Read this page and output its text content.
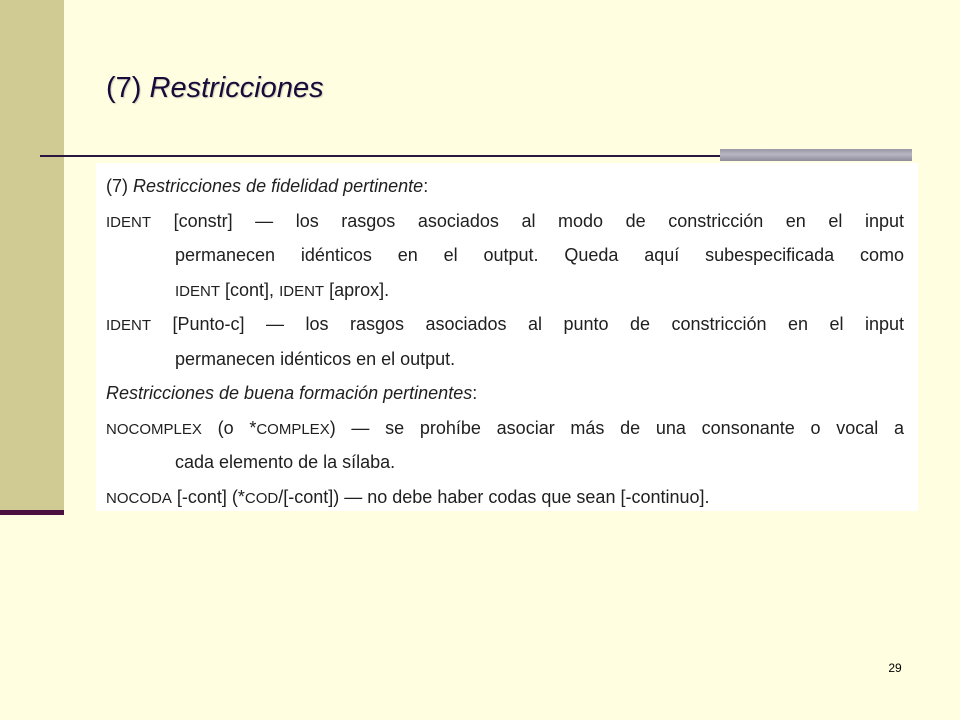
(7) Restricciones
(7) Restricciones de fidelidad pertinente:
IDENT [constr] — los rasgos asociados al modo de constricción en el input
permanecen idénticos en el output. Queda aquí subespecificada como
IDENT [cont], IDENT [aprox].
IDENT [Punto-c] — los rasgos asociados al punto de constricción en el input
permanecen idénticos en el output.
Restricciones de buena formación pertinentes:
NOCOMPLEX (o *COMPLEX) — se prohíbe asociar más de una consonante o vocal a
cada elemento de la sílaba.
NOCODA [-cont] (*COD/[-cont]) — no debe haber codas que sean [-continuo].
29
